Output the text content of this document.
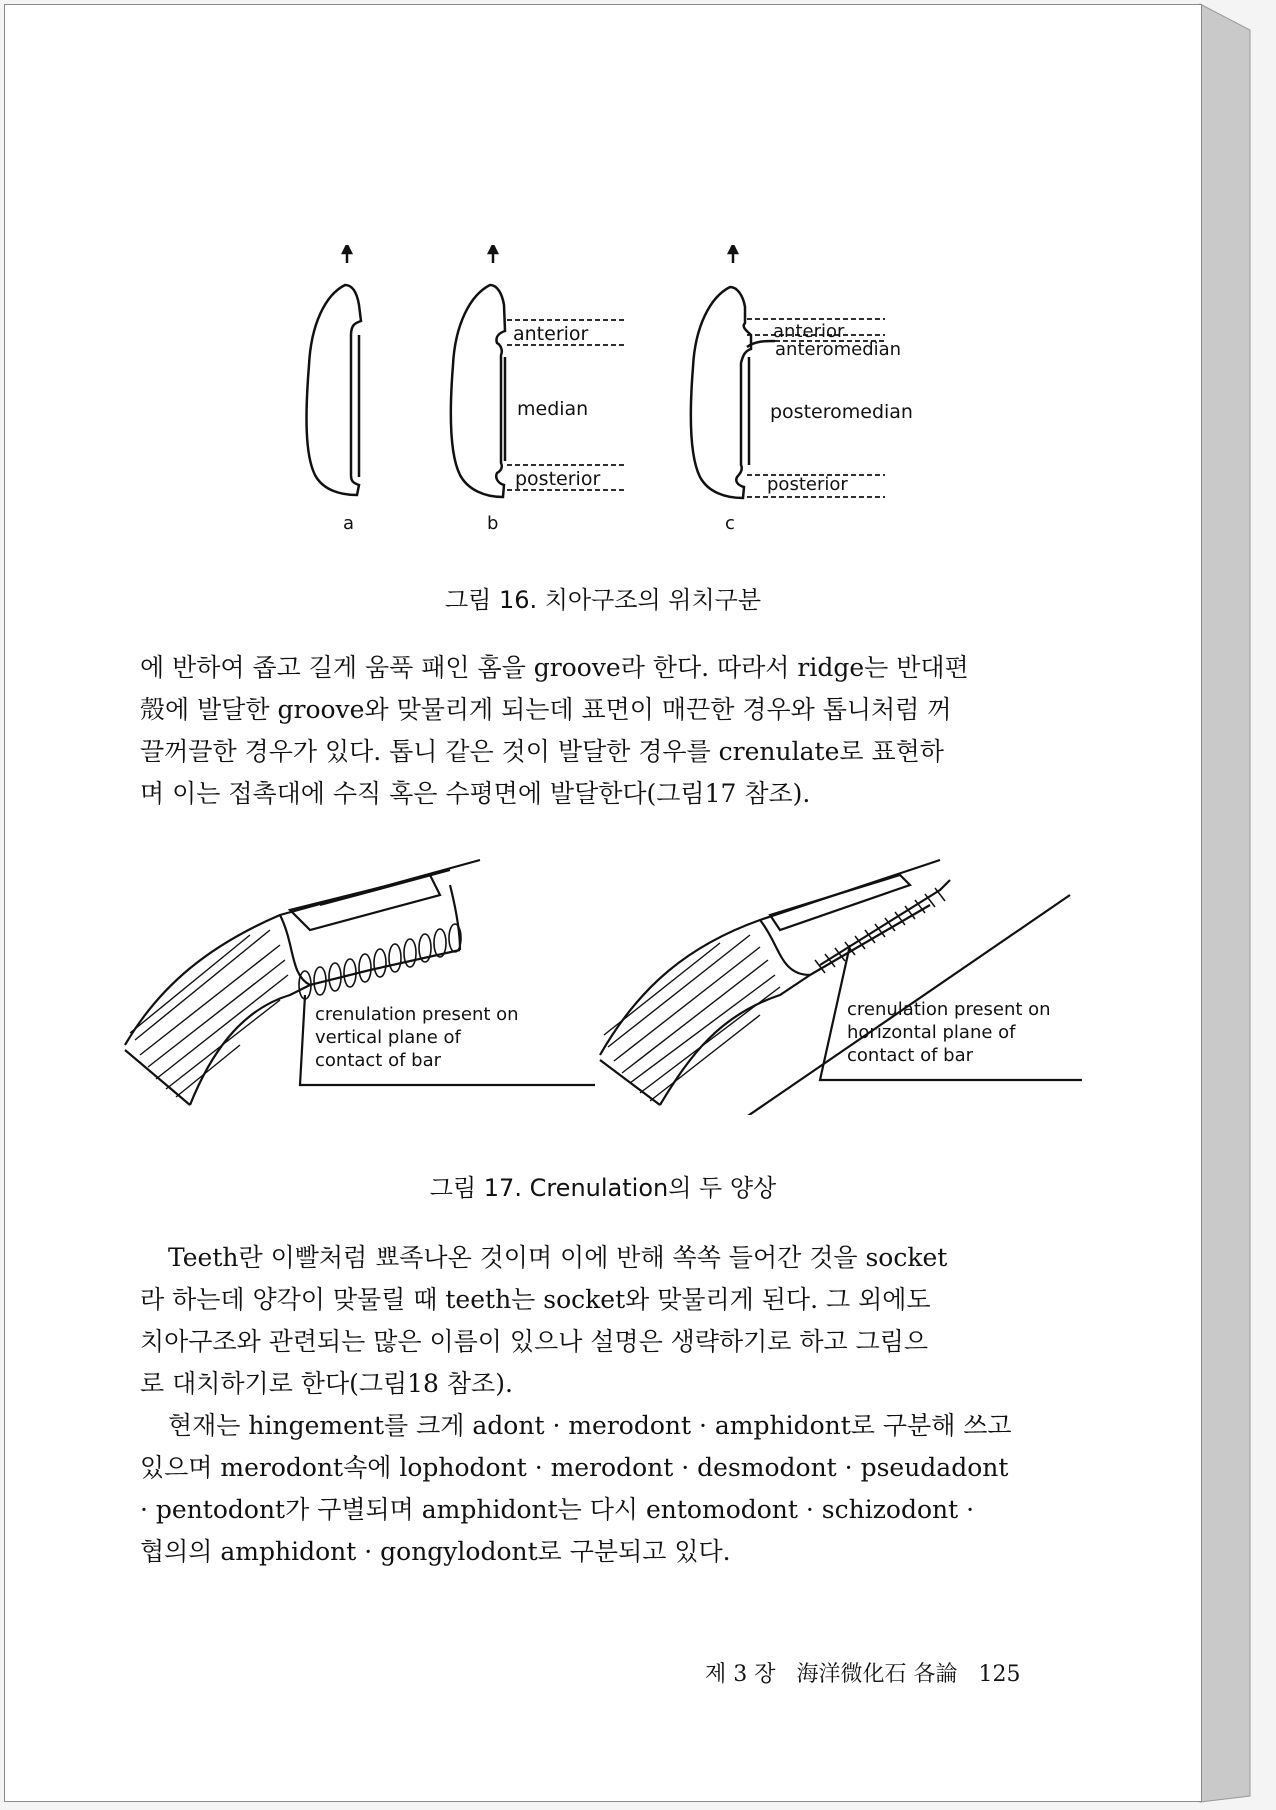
anterior
median
posterior
anterior
anteromedian
posteromedian
posterior
a	b	c
그림 16. 치아구조의 위치구분
에 반하여 좁고 길게 움푹 패인 홈을 groove라 한다. 따라서 ridge는 반대편
殼에 발달한 groove와 맞물리게 되는데 표면이 매끈한 경우와 톱니처럼 꺼
끌꺼끌한 경우가 있다. 톱니 같은 것이 발달한 경우를 crenulate로 표현하
며 이는 접촉대에 수직 혹은 수평면에 발달한다(그림17 참조).
crenulation present on
vertical plane of
contact of bar
crenulation present on
horizontal plane of
contact of bar
그림 17. Crenulation의 두 양상
Teeth란 이빨처럼 뾰족나온 것이며 이에 반해 쏙쏙 들어간 것을 socket
라 하는데 양각이 맞물릴 때 teeth는 socket와 맞물리게 된다. 그 외에도
치아구조와 관련되는 많은 이름이 있으나 설명은 생략하기로 하고 그림으
로 대치하기로 한다(그림18 참조).
현재는 hingement를 크게 adont · merodont · amphidont로 구분해 쓰고
있으며 merodont속에 lophodont · merodont · desmodont · pseudadont
· pentodont가 구별되며 amphidont는 다시 entomodont · schizodont ·
협의의 amphidont · gongylodont로 구분되고 있다.
제 3 장 海洋微化石 各論 125
